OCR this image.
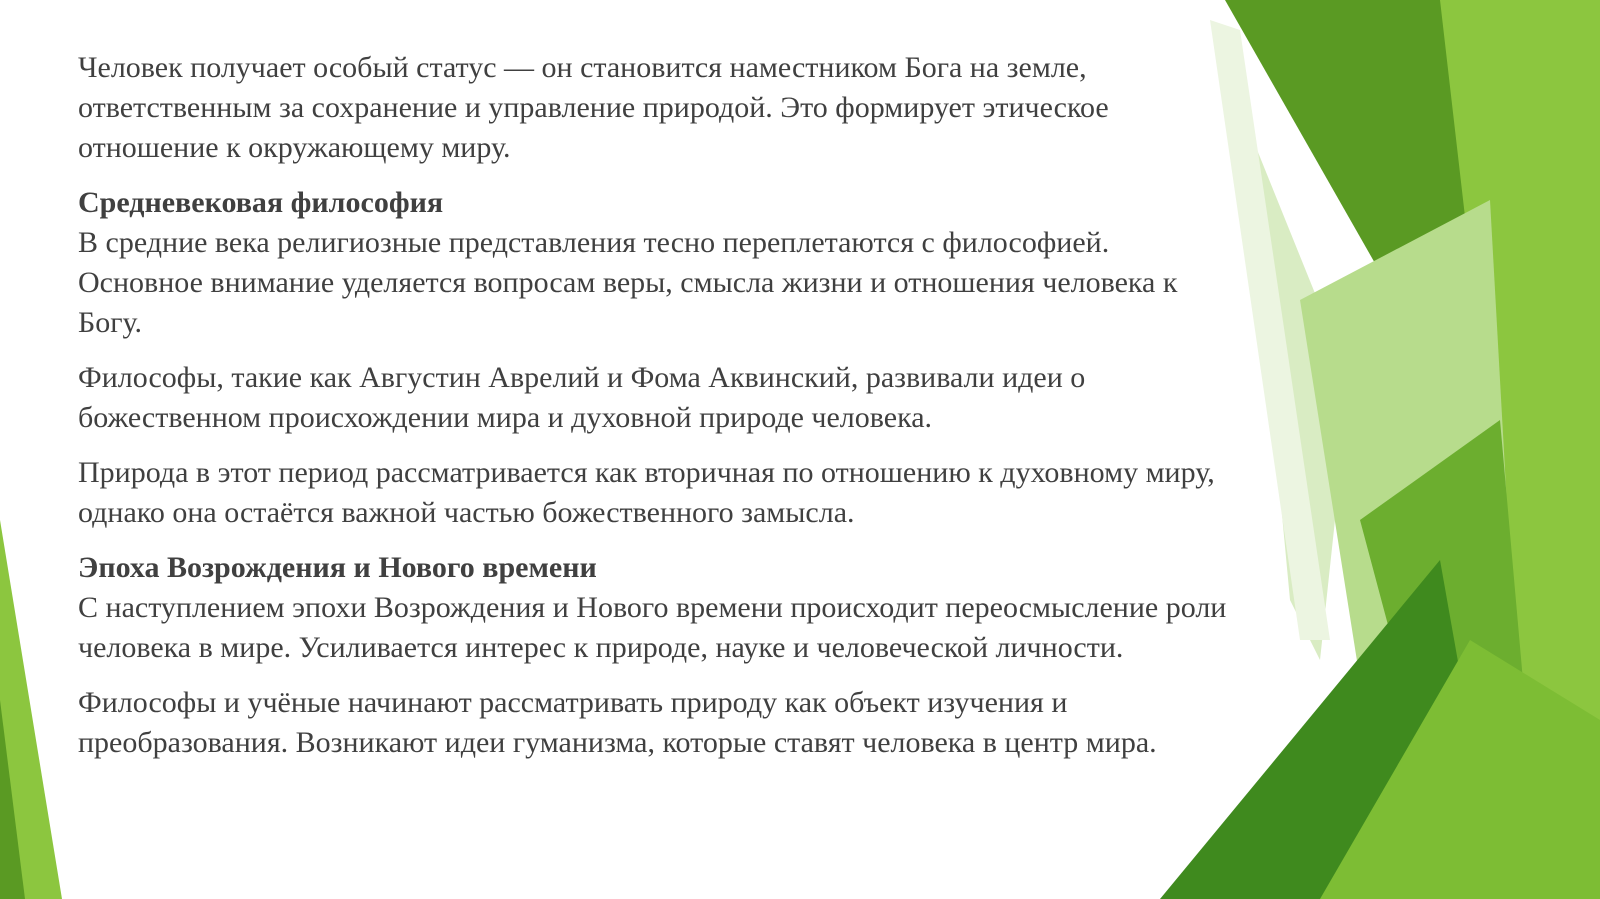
Человек получает особый статус — он становится наместником Бога на земле, ответственным за сохранение и управление природой. Это формирует этическое отношение к окружающему миру.

Средневековая философия

В средние века религиозные представления тесно переплетаются с философией. Основное внимание уделяется вопросам веры, смысла жизни и отношения человека к Богу.

Философы, такие как Августин Аврелий и Фома Аквинский, развивали идеи о божественном происхождении мира и духовной природе человека.

Природа в этот период рассматривается как вторичная по отношению к духовному миру, однако она остаётся важной частью божественного замысла.

Эпоха Возрождения и Нового времени

С наступлением эпохи Возрождения и Нового времени происходит переосмысление роли человека в мире. Усиливается интерес к природе, науке и человеческой личности.

Философы и учёные начинают рассматривать природу как объект изучения и преобразования. Возникают идеи гуманизма, которые ставят человека в центр мира.
